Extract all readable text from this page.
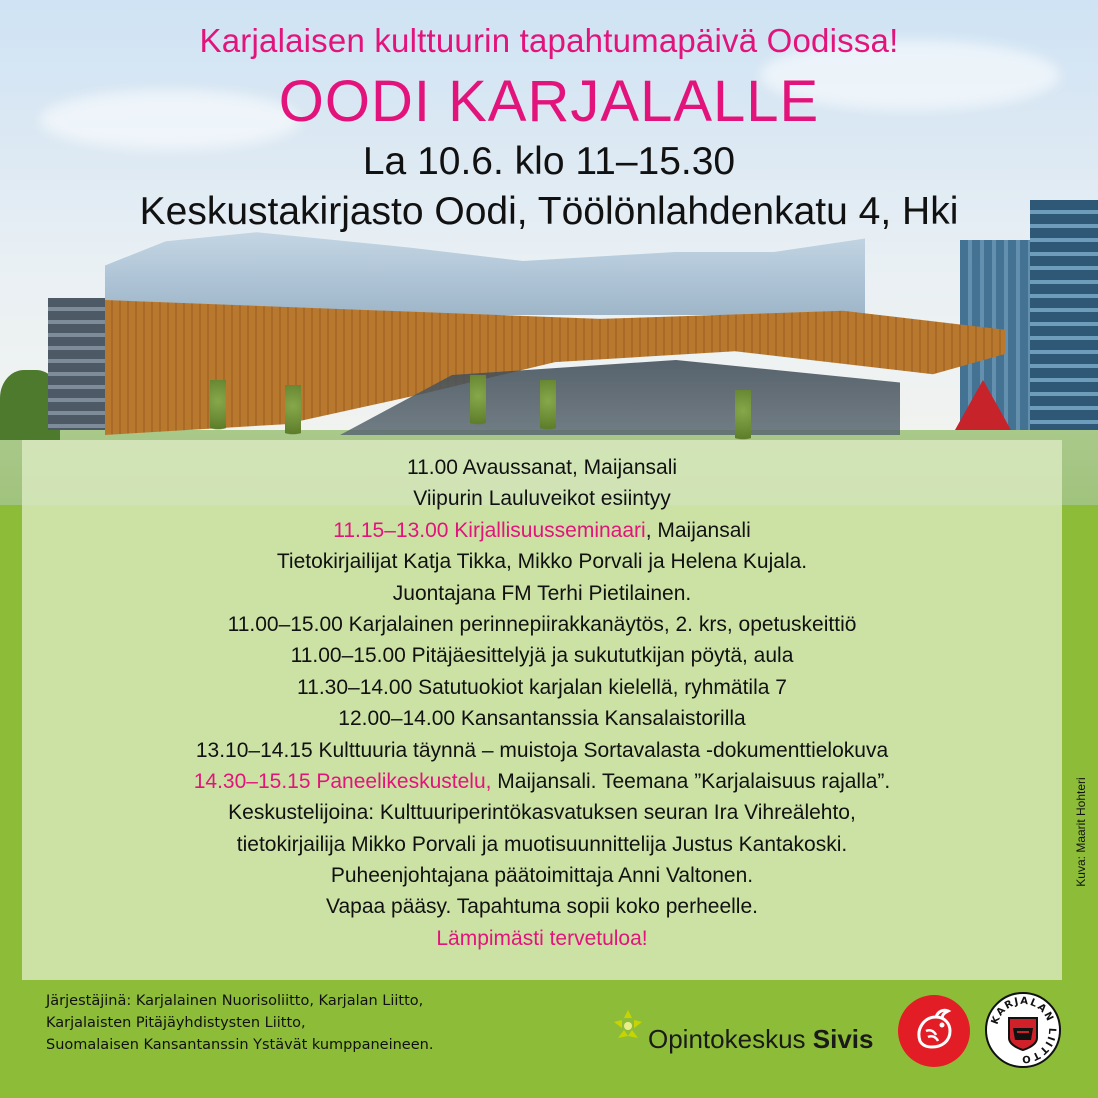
Karjalaisen kulttuurin tapahtumapäivä Oodissa!
OODI KARJALALLE
La 10.6. klo 11–15.30
Keskustakirjasto Oodi, Töölönlahdenkatu 4, Hki
11.00 Avaussanat, Maijansali
Viipurin Lauluveikot esiintyy
11.15–13.00 Kirjallisuusseminaari, Maijansali
Tietokirjailijat Katja Tikka, Mikko Porvali ja Helena Kujala.
Juontajana FM Terhi Pietilainen.
11.00–15.00 Karjalainen perinnepiirakkanäytös, 2. krs, opetuskeittiö
11.00–15.00 Pitäjäesittelyjä ja sukututkijan pöytä, aula
11.30–14.00 Satutuokiot karjalan kielellä, ryhmätila 7
12.00–14.00 Kansantanssia Kansalaistorilla
13.10–14.15 Kulttuuria täynnä – muistoja Sortavalasta -dokumenttielokuva
14.30–15.15 Paneelikeskustelu, Maijansali. Teemana ”Karjalaisuus rajalla”.
Keskustelijoina: Kulttuuriperintökasvatuksen seuran Ira Vihreälehto,
tietokirjailija Mikko Porvali ja muotisuunnittelija Justus Kantakoski.
Puheenjohtajana päätoimittaja Anni Valtonen.
Vapaa pääsy. Tapahtuma sopii koko perheelle.
Lämpimästi tervetuloa!
Kuva: Maarit Hohteri
Järjestäjinä: Karjalainen Nuorisoliitto, Karjalan Liitto,
Karjalaisten Pitäjäyhdistysten Liitto,
Suomalaisen Kansantanssin Ystävät kumppaneineen.	Opintokeskus Sivis
KARJALAN LIITTO
